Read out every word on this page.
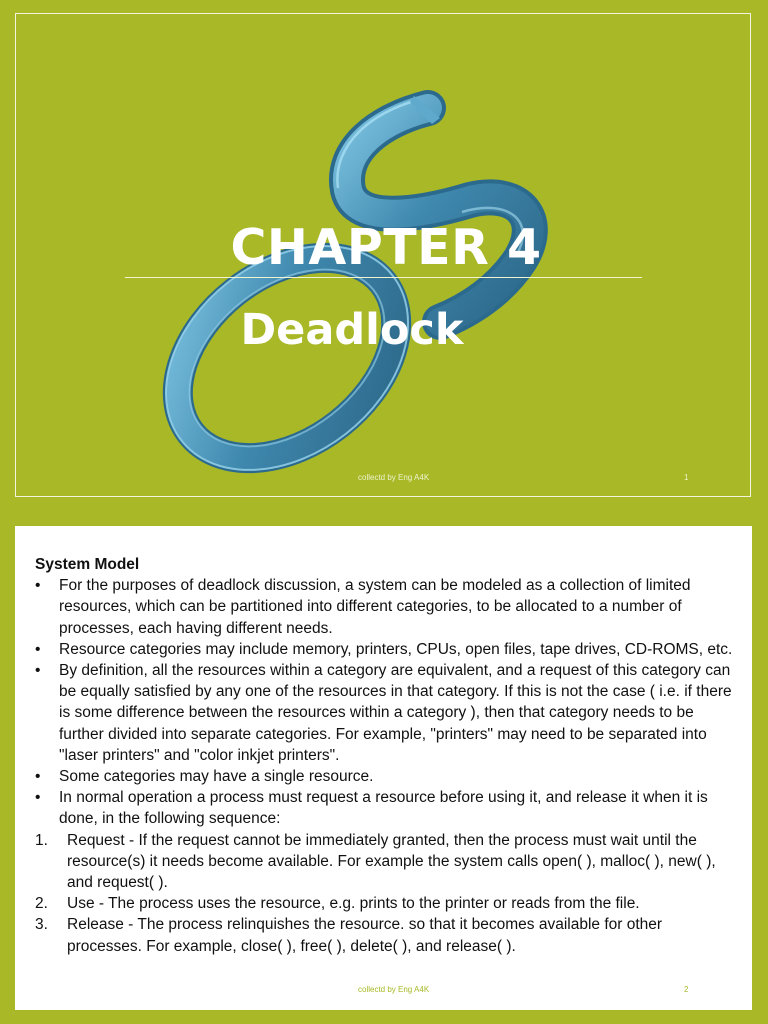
CHAPTER 4
Deadlock
collectd by Eng A4K	1
System Model
• For the purposes of deadlock discussion, a system can be modeled as a collection of limited resources, which can be partitioned into different categories, to be allocated to a number of processes, each having different needs.
• Resource categories may include memory, printers, CPUs, open files, tape drives, CD-ROMS, etc.
• By definition, all the resources within a category are equivalent, and a request of this category can be equally satisfied by any one of the resources in that category. If this is not the case ( i.e. if there is some difference between the resources within a category ), then that category needs to be further divided into separate categories. For example, "printers" may need to be separated into "laser printers" and "color inkjet printers".
• Some categories may have a single resource.
• In normal operation a process must request a resource before using it, and release it when it is done, in the following sequence:
1. Request - If the request cannot be immediately granted, then the process must wait until the resource(s) it needs become available. For example the system calls open( ), malloc( ), new( ), and request( ).
2. Use - The process uses the resource, e.g. prints to the printer or reads from the file.
3. Release - The process relinquishes the resource. so that it becomes available for other processes. For example, close( ), free( ), delete( ), and release( ).
collectd by Eng A4K	2
